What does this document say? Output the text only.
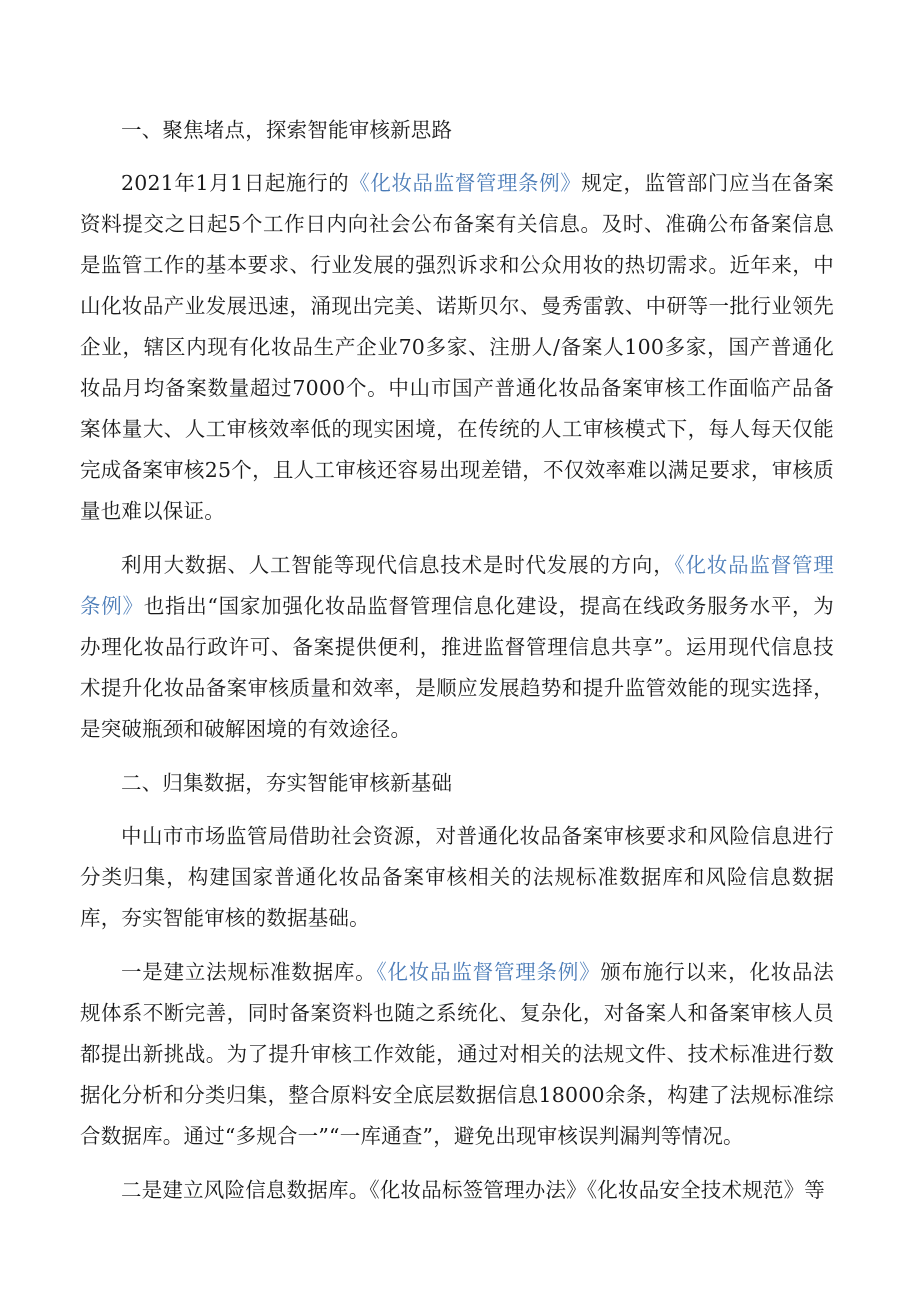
一、聚焦堵点，探索智能审核新思路

2021年1月1日起施行的《化妆品监督管理条例》规定，监管部门应当在备案资料提交之日起5个工作日内向社会公布备案有关信息。及时、准确公布备案信息是监管工作的基本要求、行业发展的强烈诉求和公众用妆的热切需求。近年来，中山化妆品产业发展迅速，涌现出完美、诺斯贝尔、曼秀雷敦、中研等一批行业领先企业，辖区内现有化妆品生产企业70多家、注册人/备案人100多家，国产普通化妆品月均备案数量超过7000个。中山市国产普通化妆品备案审核工作面临产品备案体量大、人工审核效率低的现实困境，在传统的人工审核模式下，每人每天仅能完成备案审核25个，且人工审核还容易出现差错，不仅效率难以满足要求，审核质量也难以保证。

利用大数据、人工智能等现代信息技术是时代发展的方向，《化妆品监督管理条例》也指出“国家加强化妆品监督管理信息化建设，提高在线政务服务水平，为办理化妆品行政许可、备案提供便利，推进监督管理信息共享”。运用现代信息技术提升化妆品备案审核质量和效率，是顺应发展趋势和提升监管效能的现实选择，是突破瓶颈和破解困境的有效途径。

二、归集数据，夯实智能审核新基础

中山市市场监管局借助社会资源，对普通化妆品备案审核要求和风险信息进行分类归集，构建国家普通化妆品备案审核相关的法规标准数据库和风险信息数据库，夯实智能审核的数据基础。

一是建立法规标准数据库。《化妆品监督管理条例》颁布施行以来，化妆品法规体系不断完善，同时备案资料也随之系统化、复杂化，对备案人和备案审核人员都提出新挑战。为了提升审核工作效能，通过对相关的法规文件、技术标准进行数据化分析和分类归集，整合原料安全底层数据信息18000余条，构建了法规标准综合数据库。通过“多规合一”“一库通查”，避免出现审核误判漏判等情况。

二是建立风险信息数据库。《化妆品标签管理办法》《化妆品安全技术规范》等
